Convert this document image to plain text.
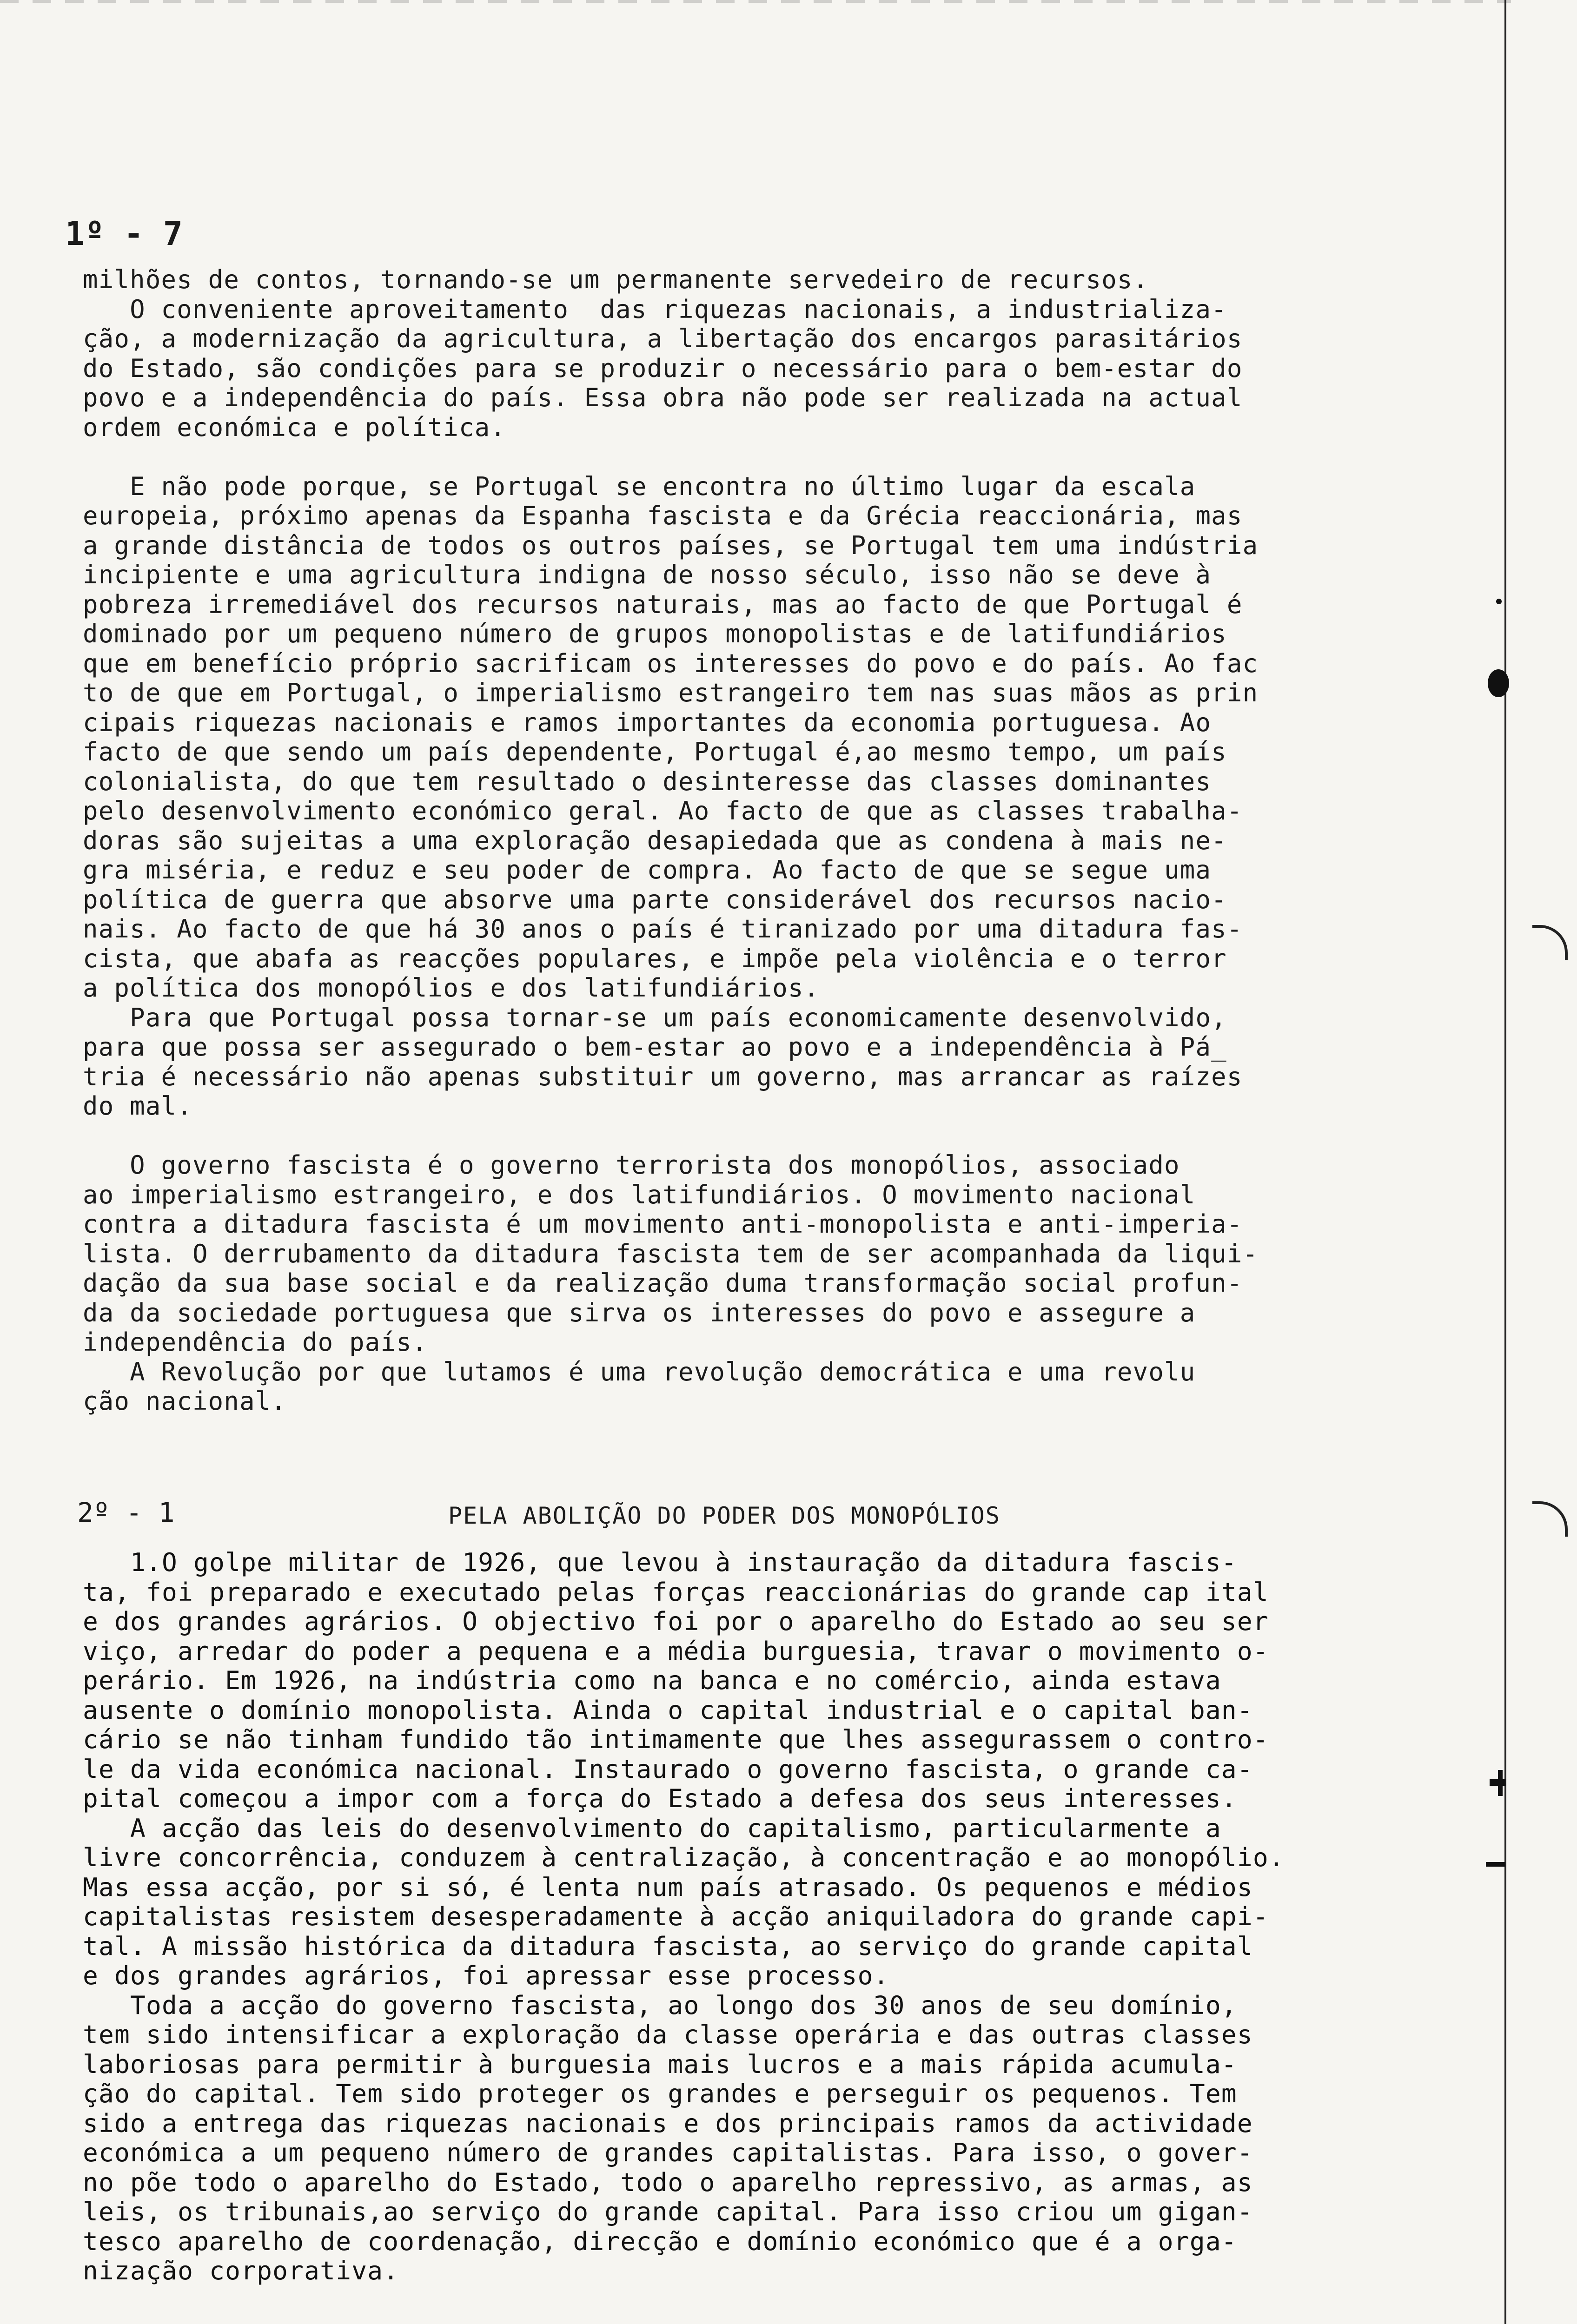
1º - 7
milhões de contos, tornando-se um permanente servedeiro de recursos.
O conveniente aproveitamento  das riquezas nacionais, a industrializa-
ção, a modernização da agricultura, a libertação dos encargos parasitários
do Estado, são condições para se produzir o necessário para o bem-estar do
povo e a independência do país. Essa obra não pode ser realizada na actual
ordem económica e política.
E não pode porque, se Portugal se encontra no último lugar da escala
europeia, próximo apenas da Espanha fascista e da Grécia reaccionária, mas
a grande distância de todos os outros países, se Portugal tem uma indústria
incipiente e uma agricultura indigna de nosso século, isso não se deve à
pobreza irremediável dos recursos naturais, mas ao facto de que Portugal é
dominado por um pequeno número de grupos monopolistas e de latifundiários
que em benefício próprio sacrificam os interesses do povo e do país. Ao fac
to de que em Portugal, o imperialismo estrangeiro tem nas suas mãos as prin
cipais riquezas nacionais e ramos importantes da economia portuguesa. Ao
facto de que sendo um país dependente, Portugal é,ao mesmo tempo, um país
colonialista, do que tem resultado o desinteresse das classes dominantes
pelo desenvolvimento económico geral. Ao facto de que as classes trabalha-
doras são sujeitas a uma exploração desapiedada que as condena à mais ne-
gra miséria, e reduz e seu poder de compra. Ao facto de que se segue uma
política de guerra que absorve uma parte considerável dos recursos nacio-
nais. Ao facto de que há 30 anos o país é tiranizado por uma ditadura fas-
cista, que abafa as reacções populares, e impõe pela violência e o terror
a política dos monopólios e dos latifundiários.
Para que Portugal possa tornar-se um país economicamente desenvolvido,
para que possa ser assegurado o bem-estar ao povo e a independência à Pá_
tria é necessário não apenas substituir um governo, mas arrancar as raízes
do mal.
O governo fascista é o governo terrorista dos monopólios, associado
ao imperialismo estrangeiro, e dos latifundiários. O movimento nacional
contra a ditadura fascista é um movimento anti-monopolista e anti-imperia-
lista. O derrubamento da ditadura fascista tem de ser acompanhada da liqui-
dação da sua base social e da realização duma transformação social profun-
da da sociedade portuguesa que sirva os interesses do povo e assegure a
independência do país.
A Revolução por que lutamos é uma revolução democrática e uma revolu
ção nacional.
2º - 1	PELA ABOLIÇÃO DO PODER DOS MONOPÓLIOS
1.O golpe militar de 1926, que levou à instauração da ditadura fascis-
ta, foi preparado e executado pelas forças reaccionárias do grande cap ital
e dos grandes agrários. O objectivo foi por o aparelho do Estado ao seu ser
viço, arredar do poder a pequena e a média burguesia, travar o movimento o-
perário. Em 1926, na indústria como na banca e no comércio, ainda estava
ausente o domínio monopolista. Ainda o capital industrial e o capital ban-
cário se não tinham fundido tão intimamente que lhes assegurassem o contro-
le da vida económica nacional. Instaurado o governo fascista, o grande ca-
pital começou a impor com a força do Estado a defesa dos seus interesses.
A acção das leis do desenvolvimento do capitalismo, particularmente a
livre concorrência, conduzem à centralização, à concentração e ao monopólio.
Mas essa acção, por si só, é lenta num país atrasado. Os pequenos e médios
capitalistas resistem desesperadamente à acção aniquiladora do grande capi-
tal. A missão histórica da ditadura fascista, ao serviço do grande capital
e dos grandes agrários, foi apressar esse processo.
Toda a acção do governo fascista, ao longo dos 30 anos de seu domínio,
tem sido intensificar a exploração da classe operária e das outras classes
laboriosas para permitir à burguesia mais lucros e a mais rápida acumula-
ção do capital. Tem sido proteger os grandes e perseguir os pequenos. Tem
sido a entrega das riquezas nacionais e dos principais ramos da actividade
económica a um pequeno número de grandes capitalistas. Para isso, o gover-
no põe todo o aparelho do Estado, todo o aparelho repressivo, as armas, as
leis, os tribunais,ao serviço do grande capital. Para isso criou um gigan-
tesco aparelho de coordenação, direcção e domínio económico que é a orga-
nização corporativa.
